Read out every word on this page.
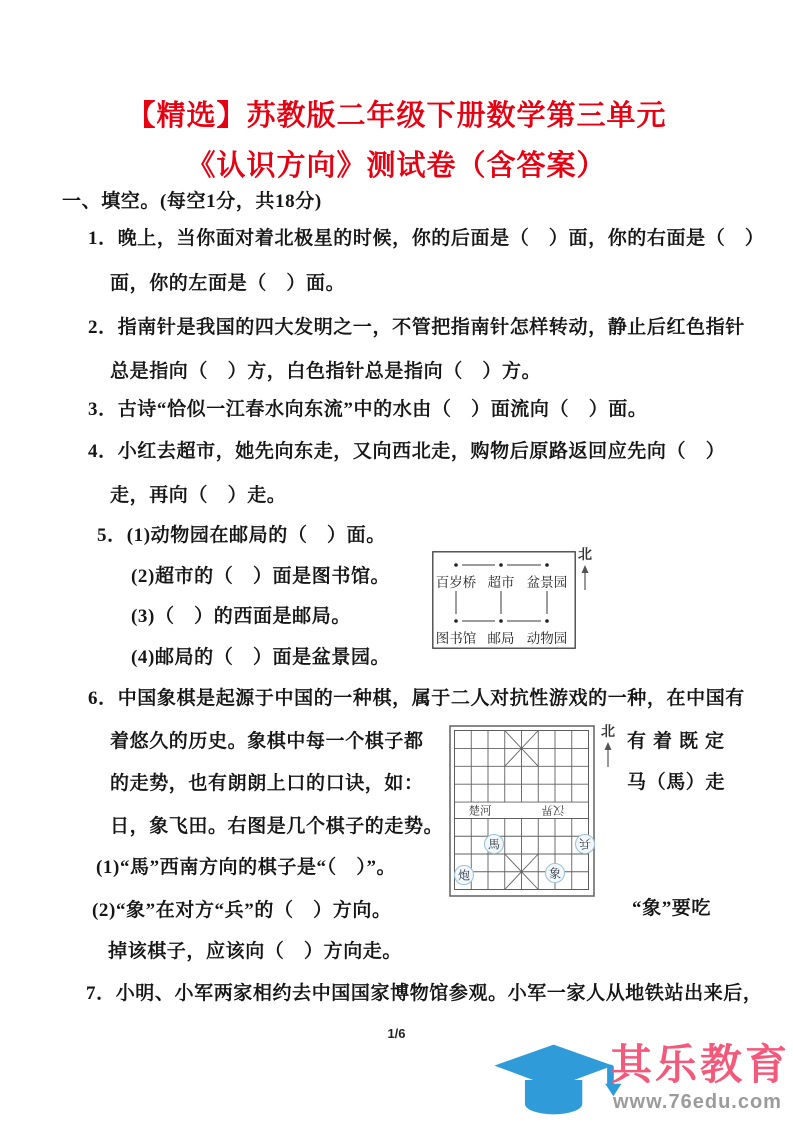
【精选】苏教版二年级下册数学第三单元
《认识方向》测试卷（含答案）
一、填空。(每空1分，共18分)
1．晚上，当你面对着北极星的时候，你的后面是（　）面，你的右面是（　）
面，你的左面是（　）面。
2．指南针是我国的四大发明之一，不管把指南针怎样转动，静止后红色指针
总是指向（　）方，白色指针总是指向（　）方。
3．古诗“恰似一江春水向东流”中的水由（　）面流向（　）面。
4．小红去超市，她先向东走，又向西北走，购物后原路返回应先向（　）
走，再向（　）走。
5．(1)动物园在邮局的（　）面。
(2)超市的（　）面是图书馆。
(3)（　）的西面是邮局。
(4)邮局的（　）面是盆景园。
百岁桥 超市 盆景园
图书馆 邮局 动物园
北
6．中国象棋是起源于中国的一种棋，属于二人对抗性游戏的一种，在中国有
着悠久的历史。象棋中每一个棋子都
的走势，也有朗朗上口的口诀，如：
日，象飞田。右图是几个棋子的走势。
(1)“馬”西南方向的棋子是“（　）”。
(2)“象”在对方“兵”的（　）方向。
掉该棋子，应该向（　）方向走。
有着既定
马（馬）走
“象”要吃
楚河	汉界
馬	兵
炮	象
北
7．小明、小军两家相约去中国国家博物馆参观。小军一家人从地铁站出来后，
1/6
其乐教育
www.76edu.com
